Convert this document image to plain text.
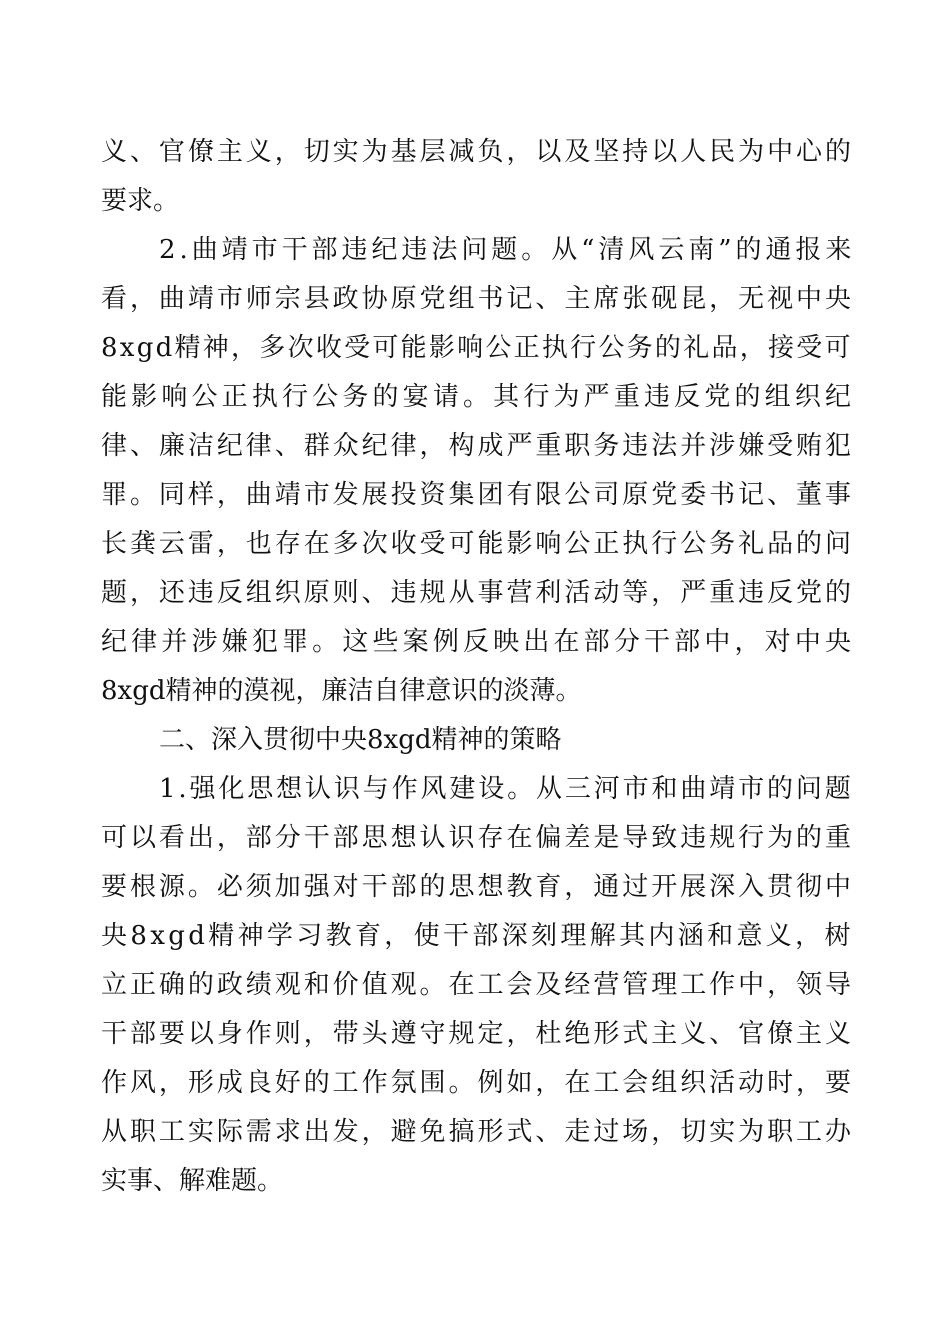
义、官僚主义，切实为基层减负，以及坚持以人民为中心的
要求。
2.曲靖市干部违纪违法问题。从“清风云南”的通报来
看，曲靖市师宗县政协原党组书记、主席张砚昆，无视中央
8xgd精神，多次收受可能影响公正执行公务的礼品，接受可
能影响公正执行公务的宴请。其行为严重违反党的组织纪
律、廉洁纪律、群众纪律，构成严重职务违法并涉嫌受贿犯
罪。同样，曲靖市发展投资集团有限公司原党委书记、董事
长龚云雷，也存在多次收受可能影响公正执行公务礼品的问
题，还违反组织原则、违规从事营利活动等，严重违反党的
纪律并涉嫌犯罪。这些案例反映出在部分干部中，对中央
8xgd精神的漠视，廉洁自律意识的淡薄。
二、深入贯彻中央8xgd精神的策略
1.强化思想认识与作风建设。从三河市和曲靖市的问题
可以看出，部分干部思想认识存在偏差是导致违规行为的重
要根源。必须加强对干部的思想教育，通过开展深入贯彻中
央8xgd精神学习教育，使干部深刻理解其内涵和意义，树
立正确的政绩观和价值观。在工会及经营管理工作中，领导
干部要以身作则，带头遵守规定，杜绝形式主义、官僚主义
作风，形成良好的工作氛围。例如，在工会组织活动时，要
从职工实际需求出发，避免搞形式、走过场，切实为职工办
实事、解难题。
